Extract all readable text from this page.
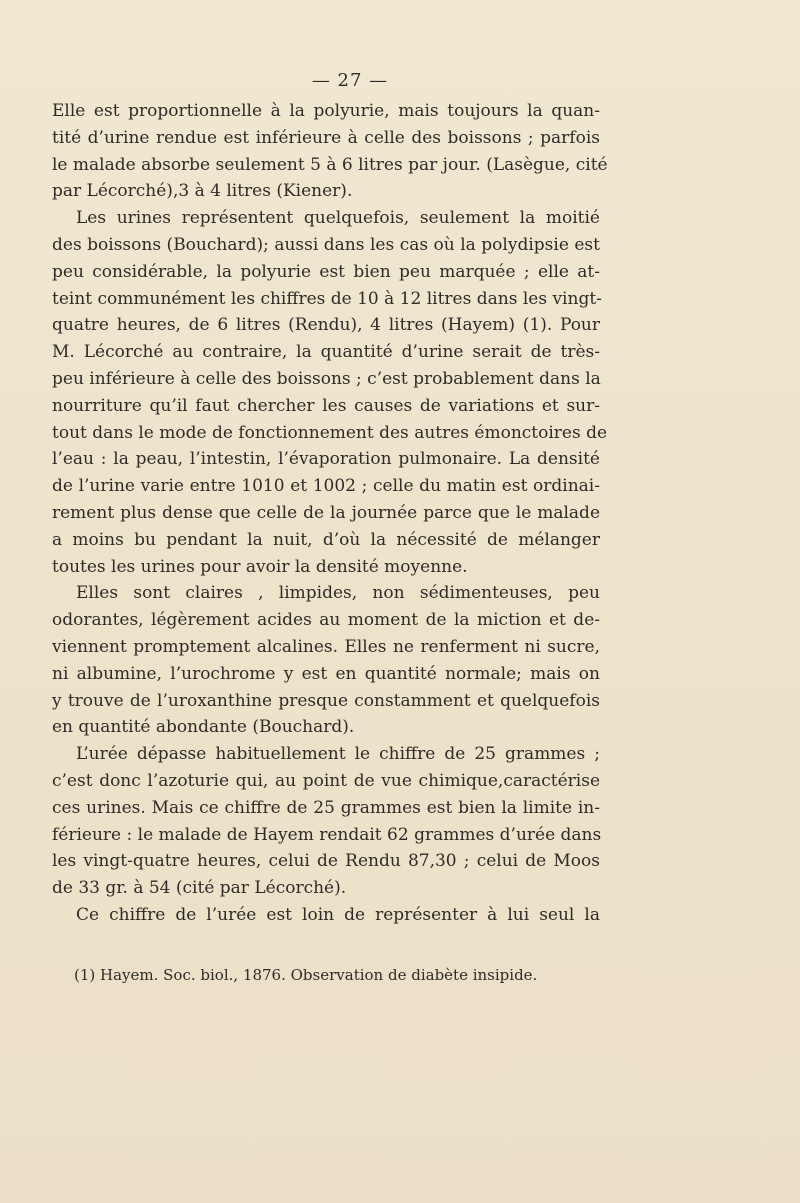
— 27 —
Elle est proportionnelle à la polyurie, mais toujours la quan-
tité d’urine rendue est inférieure à celle des boissons ; parfois
le malade absorbe seulement 5 à 6 litres par jour. (Lasègue, cité
par Lécorché),3 à 4 litres (Kiener).
Les urines représentent quelquefois, seulement la moitié
des boissons (Bouchard); aussi dans les cas où la polydipsie est
peu considérable, la polyurie est bien peu marquée ; elle at-
teint communément les chiffres de 10 à 12 litres dans les vingt-
quatre heures, de 6 litres (Rendu), 4 litres (Hayem) (1). Pour
M. Lécorché au contraire, la quantité d’urine serait de très-
peu inférieure à celle des boissons ; c’est probablement dans la
nourriture qu’il faut chercher les causes de variations et sur-
tout dans le mode de fonctionnement des autres émonctoires de
l’eau : la peau, l’intestin, l’évaporation pulmonaire. La densité
de l’urine varie entre 1010 et 1002 ; celle du matin est ordinai-
rement plus dense que celle de la journée parce que le malade
a moins bu pendant la nuit, d’où la nécessité de mélanger
toutes les urines pour avoir la densité moyenne.
Elles sont claires , limpides, non sédimenteuses, peu
odorantes, légèrement acides au moment de la miction et de-
viennent promptement alcalines. Elles ne renferment ni sucre,
ni albumine, l’urochrome y est en quantité normale; mais on
y trouve de l’uroxanthine presque constamment et quelquefois
en quantité abondante (Bouchard).
L’urée dépasse habituellement le chiffre de 25 grammes ;
c’est donc l’azoturie qui, au point de vue chimique,caractérise
ces urines. Mais ce chiffre de 25 grammes est bien la limite in-
férieure : le malade de Hayem rendait 62 grammes d’urée dans
les vingt-quatre heures, celui de Rendu 87,30 ; celui de Moos
de 33 gr. à 54 (cité par Lécorché).
Ce chiffre de l’urée est loin de représenter à lui seul la
(1) Hayem. Soc. biol., 1876. Observation de diabète insipide.
